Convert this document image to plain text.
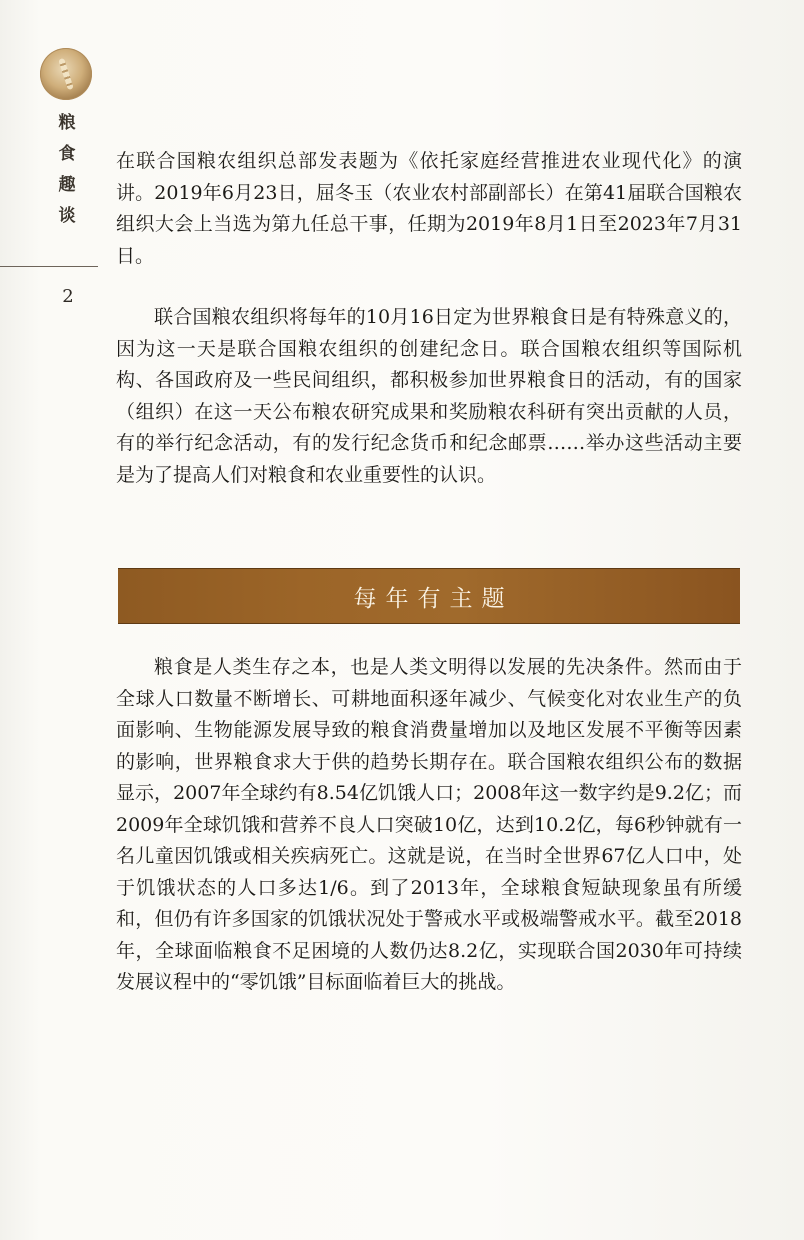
粮
食
趣
谈
2

在联合国粮农组织总部发表题为《依托家庭经营推进农业现代化》的演讲。2019年6月23日，屈冬玉（农业农村部副部长）在第41届联合国粮农组织大会上当选为第九任总干事，任期为2019年8月1日至2023年7月31日。

联合国粮农组织将每年的10月16日定为世界粮食日是有特殊意义的，因为这一天是联合国粮农组织的创建纪念日。联合国粮农组织等国际机构、各国政府及一些民间组织，都积极参加世界粮食日的活动，有的国家（组织）在这一天公布粮农研究成果和奖励粮农科研有突出贡献的人员，有的举行纪念活动，有的发行纪念货币和纪念邮票……举办这些活动主要是为了提高人们对粮食和农业重要性的认识。

每年有主题

粮食是人类生存之本，也是人类文明得以发展的先决条件。然而由于全球人口数量不断增长、可耕地面积逐年减少、气候变化对农业生产的负面影响、生物能源发展导致的粮食消费量增加以及地区发展不平衡等因素的影响，世界粮食求大于供的趋势长期存在。联合国粮农组织公布的数据显示，2007年全球约有8.54亿饥饿人口；2008年这一数字约是9.2亿；而2009年全球饥饿和营养不良人口突破10亿，达到10.2亿，每6秒钟就有一名儿童因饥饿或相关疾病死亡。这就是说，在当时全世界67亿人口中，处于饥饿状态的人口多达1/6。到了2013年，全球粮食短缺现象虽有所缓和，但仍有许多国家的饥饿状况处于警戒水平或极端警戒水平。截至2018年，全球面临粮食不足困境的人数仍达8.2亿，实现联合国2030年可持续发展议程中的“零饥饿”目标面临着巨大的挑战。
